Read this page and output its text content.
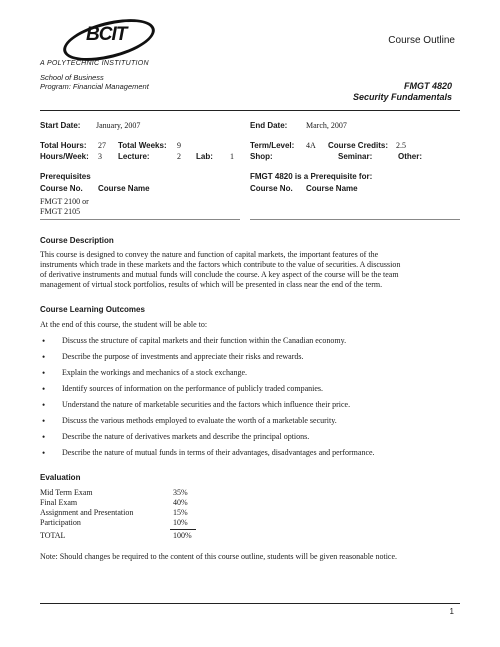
BCIT
A POLYTECHNIC INSTITUTION
School of Business
Program: Financial Management
Course Outline
FMGT 4820
Security Fundamentals
Start Date: January, 2007	End Date: March, 2007
Total Hours: 27 Total Weeks: 9	Term/Level: 4A Course Credits: 2.5
Hours/Week: 3 Lecture:	2 Lab: 1 Shop:	Seminar:	Other:
Prerequisites
Course No. Course Name
FMGT 2100 or
FMGT 2105
FMGT 4820 is a Prerequisite for:
Course No. Course Name
Course Description
This course is designed to convey the nature and function of capital markets, the important features of the
instruments which trade in these markets and the factors which contribute to the value of securities. A discussion
of derivative instruments and mutual funds will conclude the course. A key aspect of the course will be the team
management of virtual stock portfolios, results of which will be presented in class near the end of the term.
Course Learning Outcomes
At the end of this course, the student will be able to:
• Discuss the structure of capital markets and their function within the Canadian economy.
• Describe the purpose of investments and appreciate their risks and rewards.
• Explain the workings and mechanics of a stock exchange.
• Identify sources of information on the performance of publicly traded companies.
• Understand the nature of marketable securities and the factors which influence their price.
• Discuss the various methods employed to evaluate the worth of a marketable security.
• Describe the nature of derivatives markets and describe the principal options.
• Describe the nature of mutual funds in terms of their advantages, disadvantages and performance.
Evaluation
Mid Term Exam	35%
Final Exam	40%
Assignment and Presentation	15%
Participation	10%
TOTAL	100%
Note: Should changes be required to the content of this course outline, students will be given reasonable notice.
1
